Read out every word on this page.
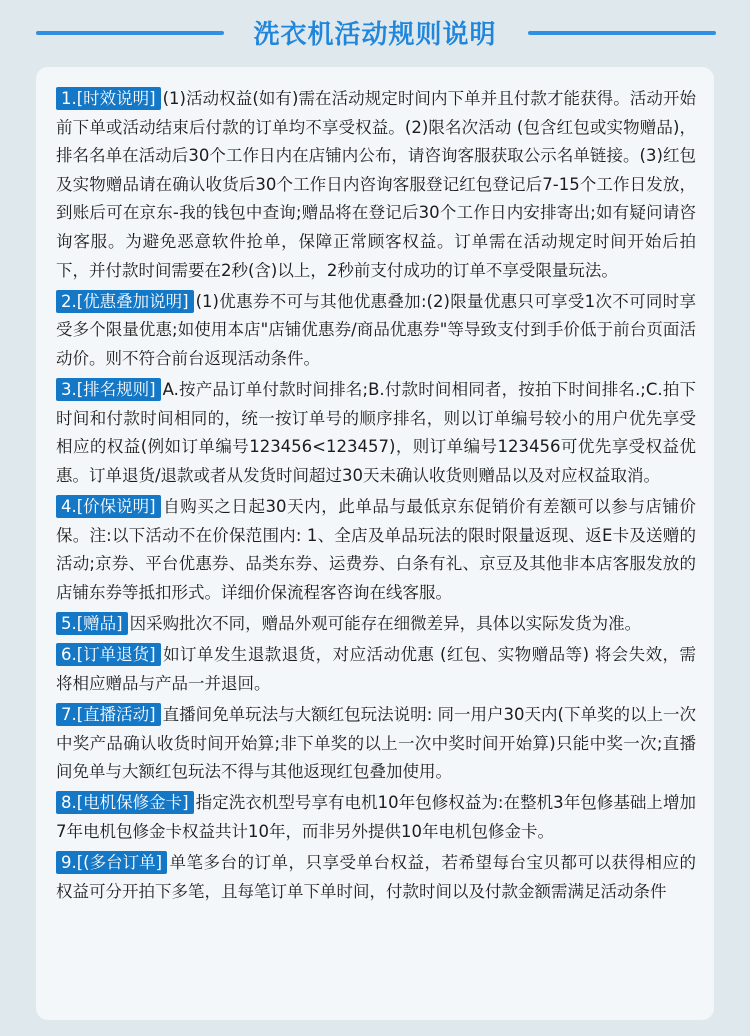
洗衣机活动规则说明

1.[时效说明] (1)活动权益(如有)需在活动规定时间内下单并且付款才能获得。活动开始前下单或活动结束后付款的订单均不享受权益。(2)限名次活动 (包含红包或实物赠品)，排名名单在活动后30个工作日内在店铺内公布，请咨询客服获取公示名单链接。(3)红包及实物赠品请在确认收货后30个工作日内咨询客服登记红包登记后7-15个工作日发放，到账后可在京东-我的钱包中查询;赠品将在登记后30个工作日内安排寄出;如有疑问请咨询客服。为避免恶意软件抢单，保障正常顾客权益。订单需在活动规定时间开始后拍下，并付款时间需要在2秒(含)以上，2秒前支付成功的订单不享受限量玩法。

2.[优惠叠加说明] (1)优惠券不可与其他优惠叠加:(2)限量优惠只可享受1次不可同时享受多个限量优惠;如使用本店"店铺优惠券/商品优惠券"等导致支付到手价低于前台页面活动价。则不符合前台返现活动条件。

3.[排名规则] A.按产品订单付款时间排名;B.付款时间相同者，按拍下时间排名.;C.拍下时间和付款时间相同的，统一按订单号的顺序排名，则以订单编号较小的用户优先享受相应的权益(例如订单编号123456<123457)，则订单编号123456可优先享受权益优惠。订单退货/退款或者从发货时间超过30天未确认收货则赠品以及对应权益取消。

4.[价保说明] 自购买之日起30天内，此单品与最低京东促销价有差额可以参与店铺价保。注:以下活动不在价保范围内: 1、全店及单品玩法的限时限量返现、返E卡及送赠的活动;京券、平台优惠券、品类东券、运费券、白条有礼、京豆及其他非本店客服发放的店铺东券等抵扣形式。详细价保流程客咨询在线客服。

5.[赠品] 因采购批次不同，赠品外观可能存在细微差异，具体以实际发货为准。

6.[订单退货] 如订单发生退款退货，对应活动优惠 (红包、实物赠品等) 将会失效，需将相应赠品与产品一并退回。

7.[直播活动] 直播间免单玩法与大额红包玩法说明: 同一用户30天内(下单奖的以上一次中奖产品确认收货时间开始算;非下单奖的以上一次中奖时间开始算)只能中奖一次;直播间免单与大额红包玩法不得与其他返现红包叠加使用。

8.[电机保修金卡] 指定洗衣机型号享有电机10年包修权益为:在整机3年包修基础上增加7年电机包修金卡权益共计10年，而非另外提供10年电机包修金卡。

9.[(多台订单] 单笔多台的订单，只享受单台权益，若希望每台宝贝都可以获得相应的权益可分开拍下多笔，且每笔订单下单时间，付款时间以及付款金额需满足活动条件
